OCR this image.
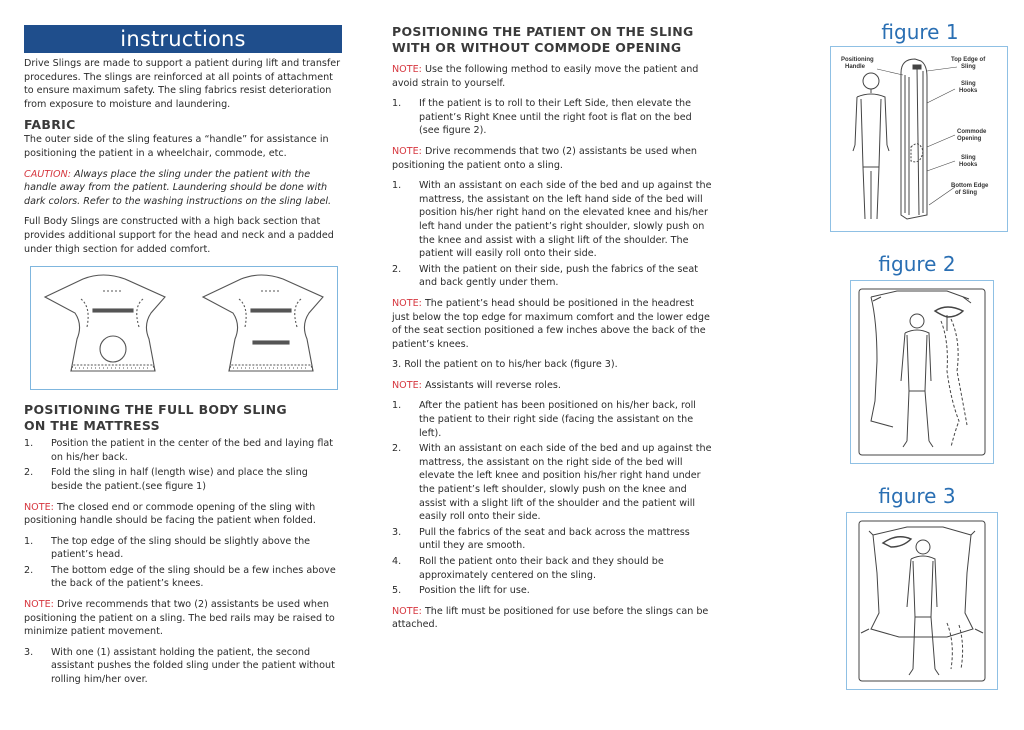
instructions

Drive Slings are made to support a patient during lift and transfer procedures. The slings are reinforced at all points of attachment to ensure maximum safety. The sling fabrics resist deterioration from exposure to moisture and laundering.

FABRIC

The outer side of the sling features a “handle” for assistance in positioning the patient in a wheelchair, commode, etc.

CAUTION: Always place the sling under the patient with the handle away from the patient. Laundering should be done with dark colors. Refer to the washing instructions on the sling label.

Full Body Slings are constructed with a high back section that provides additional support for the head and neck and a padded under thigh section for added comfort.

POSITIONING THE FULL BODY SLING
ON THE MATTRESS
1. Position the patient in the center of the bed and laying flat on his/her back.
2. Fold the sling in half (length wise) and place the sling beside the patient.(see figure 1)

NOTE: The closed end or commode opening of the sling with positioning handle should be facing the patient when folded.

1. The top edge of the sling should be slightly above the patient’s head.
2. The bottom edge of the sling should be a few inches above the back of the patient’s knees.

NOTE: Drive recommends that two (2) assistants be used when positioning the patient on a sling. The bed rails may be raised to minimize patient movement.

3. With one (1) assistant holding the patient, the second assistant pushes the folded sling under the patient without rolling him/her over.
POSITIONING THE PATIENT ON THE SLING
WITH OR WITHOUT COMMODE OPENING

NOTE: Use the following method to easily move the patient and avoid strain to yourself.

1. If the patient is to roll to their Left Side, then elevate the patient’s Right Knee until the right foot is flat on the bed (see figure 2).

NOTE: Drive recommends that two (2) assistants be used when positioning the patient onto a sling.

1. With an assistant on each side of the bed and up against the mattress, the assistant on the left hand side of the bed will position his/her right hand on the elevated knee and his/her left hand under the patient’s right shoulder, slowly push on the knee and assist with a slight lift of the shoulder. The patient will easily roll onto their side.
2. With the patient on their side, push the fabrics of the seat and back gently under them.

NOTE: The patient’s head should be positioned in the headrest just below the top edge for maximum comfort and the lower edge of the seat section positioned a few inches above the back of the patient’s knees.

3. Roll the patient on to his/her back (figure 3).

NOTE: Assistants will reverse roles.

1. After the patient has been positioned on his/her back, roll the patient to their right side (facing the assistant on the left).
2. With an assistant on each side of the bed and up against the mattress, the assistant on the right side of the bed will elevate the left knee and position his/her right hand under the patient’s left shoulder, slowly push on the knee and assist with a slight lift of the shoulder and the patient will easily roll onto their side.
3. Pull the fabrics of the seat and back across the mattress until they are smooth.
4. Roll the patient onto their back and they should be approximately centered on the sling.
5. Position the lift for use.

NOTE: The lift must be positioned for use before the slings can be attached.

figure 1
Positioning
Handle
Top Edge of
Sling
Sling
Hooks
Commode
Opening
Sling
Hooks
Bottom Edge
of Sling
figure 2
figure 3
